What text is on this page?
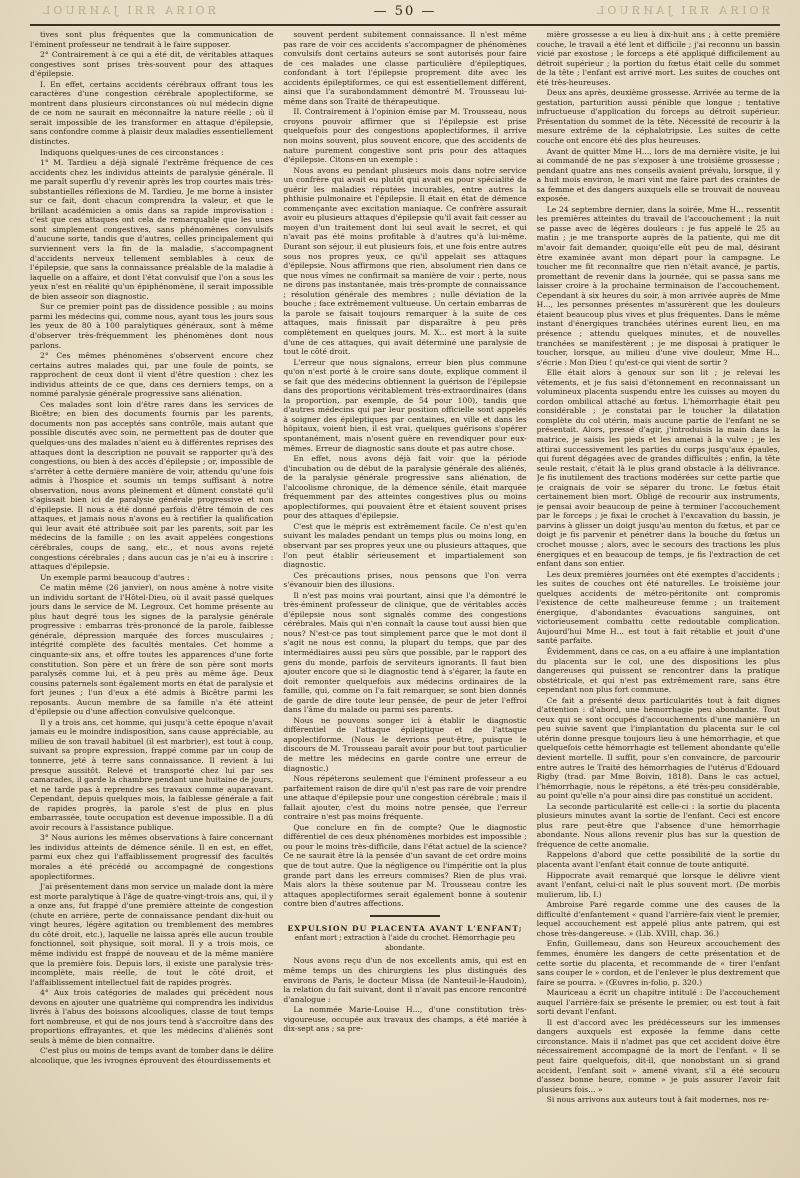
ЯОІЯА ЯЯІ ЈАИЯUOL	ЯОІЯА ЯЯІ ЈАИЯUOL
— 50 —

tives sont plus fréquentes que la communication de l'éminent professeur ne tendrait à le faire supposer.

2° Contrairement à ce qui a été dit, de véritables attaques congestives sont prises très-souvent pour des attaques d'épilepsie.

I. En effet, certains accidents cérébraux offrant tous les caractères d'une congestion cérébrale apoplectiforme, se montrent dans plusieurs circonstances où nul médecin digne de ce nom ne saurait en méconnaître la nature réelle ; où il serait impossible de les transformer en attaque d'épilepsie, sans confondre comme à plaisir deux maladies essentiellement distinctes.

Indiquons quelques-unes de ces circonstances :

1° M. Tardieu a déjà signalé l'extrême fréquence de ces accidents chez les individus atteints de paralysie générale. Il me paraît superflu d'y revenir après les trop courtes mais très-substantielles réflexions de M. Tardieu. Je me borne à insister sur ce fait, dont chacun comprendra la valeur, et que le brillant académicien a omis dans sa rapide improvisation : c'est que ces attaques ont cela de remarquable que les unes sont simplement congestives, sans phénomènes convulsifs d'aucune sorte, tandis que d'autres, celles principalement qui surviennent vers la fin de la maladie, s'accompagnent d'accidents nerveux tellement semblables à ceux de l'épilepsie, que sans la connaissance préalable de la maladie à laquelle on a affaire, et dont l'état convulsif que l'on a sous les yeux n'est en réalité qu'un épiphénomène, il serait impossible de bien asseoir son diagnostic.

Sur ce premier point pas de dissidence possible ; au moins parmi les médecins qui, comme nous, ayant tous les jours sous les yeux de 80 à 100 paralytiques généraux, sont à même d'observer très-fréquemment les phénomènes dont nous parlons.

2° Ces mêmes phénomènes s'observent encore chez certains autres malades qui, par une foule de points, se rapprochent de ceux dont il vient d'être question : chez les individus atteints de ce que, dans ces derniers temps, on a nommé paralysie générale progressive sans aliénation.

Ces malades sont loin d'être rares dans les services de Bicêtre; en bien des documents fournis par les parents, documents non pas acceptés sans contrôle, mais autant que possible discutés avec soin, ne permettent pas de douter que quelques-uns des malades n'aient eu à différentes reprises des attaques dont la description ne pouvait se rapporter qu'à des congestions, ou bien à des accès d'épilepsie ; or, impossible de s'arrêter à cette dernière manière de voir, attendu qu'une fois admis à l'hospice et soumis un temps suffisant à notre observation, nous avons pleinement et dûment constaté qu'il s'agissait bien ici de paralysie générale progressive et non d'épilepsie. Il nous a été donné parfois d'être témoin de ces attaques, et jamais nous n'avons eu à rectifier la qualification qui leur avait été attribuée soit par les parents, soit par les médecins de la famille ; on les avait appelées congestions cérébrales, coups de sang, etc., et nous avons rejeté congestions cérébrales ; dans aucun cas je n'ai eu à inscrire : attaques d'épilepsie.

Un exemple parmi beaucoup d'autres :

Ce matin même (26 janvier), on nous amène à notre visite un individu sortant de l'Hôtel-Dieu, où il avait passé quelques jours dans le service de M. Legroux. Cet homme présente au plus haut degré tous les signes de la paralysie générale progressive : embarras très-prononcé de la parole, faiblesse générale, dépression marquée des forces musculaires ; intégrité complète des facultés mentales. Cet homme a cinquante-six ans, et offre toutes les apparences d'une forte constitution. Son père et un frère de son père sont morts paralysés comme lui, et à peu près au même âge. Deux cousins paternels sont également morts en état de paralysie et fort jeunes ; l'un d'eux a été admis à Bicêtre parmi les reposants. Aucun membre de sa famille n'a été atteint d'épilepsie ou d'une affection convulsive quelconque.

Il y a trois ans, cet homme, qui jusqu'à cette époque n'avait jamais eu le moindre indisposition, sans cause appréciable, au milieu de son travail habituel (il est marbrier), est tout à coup, suivant sa propre expression, frappé comme par un coup de tonnerre, jeté à terre sans connaissance. Il revient à lui presque aussitôt. Relevé et transporté chez lui par ses camarades, il garde la chambre pendant une huitaine de jours, et ne tarde pas à reprendre ses travaux comme auparavant. Cependant, depuis quelques mois, la faiblesse générale a fait de rapides progrès, la parole s'est de plus en plus embarrassée, toute occupation est devenue impossible. Il a dû avoir recours à l'assistance publique.

3° Nous aurions les mêmes observations à faire concernant les individus atteints de démence sénile. Il en est, en effet, parmi eux chez qui l'affaiblissement progressif des facultés morales a été précédé ou accompagné de congestions apoplectiformes.

J'ai présentement dans mon service un malade dont la mère est morte paralytique à l'âge de quatre-vingt-trois ans, qui, il y a onze ans, fut frappé d'une première atteinte de congestion (chute en arrière, perte de connaissance pendant dix-huit ou vingt heures, légère agitation ou tremblement des membres du côté droit, etc.), laquelle ne laissa après elle aucun trouble fonctionnel, soit physique, soit moral. Il y a trois mois, ce même individu est frappé de nouveau et de la même manière que la première fois. Depuis lors, il existe une paralysie très-incomplète, mais réelle, de tout le côté droit, et l'affaiblissement intellectuel fait de rapides progrès.

4° Aux trois catégories de malades qui précèdent nous devons en ajouter une quatrième qui comprendra les individus livrés à l'abus des boissons alcooliques, classe de tout temps fort nombreuse, et qui de nos jours tend à s'accroître dans des proportions effrayantes, et que les médecins d'aliénés sont seuls à même de bien connaître.

C'est plus ou moins de temps avant de tomber dans le délire alcoolique, que les ivrognes éprouvent des étourdissements et

souvent perdent subitement connaissance. Il n'est même pas rare de voir ces accidents s'accompagner de phénomènes convulsifs dont certains auteurs se sont autorisés pour faire de ces malades une classe particulière d'épileptiques, confondant à tort l'épilepsie proprement dite avec les accidents épileptiformes, ce qui est essentiellement différent, ainsi que l'a surabondamment démontré M. Trousseau lui-même dans son Traité de thérapeutique.

II. Contrairement à l'opinion émise par M. Trousseau, nous croyons pouvoir affirmer que si l'épilepsie est prise quelquefois pour des congestions apoplectiformes, il arrive non moins souvent, plus souvent encore, que des accidents de nature purement congestive sont pris pour des attaques d'épilepsie. Citons-en un exemple :

Nous avons eu pendant plusieurs mois dans notre service un confrère qui avait eu plutôt qui avait eu pour spécialité de guérir les maladies réputées incurables, entre autres la phthisie pulmonaire et l'épilepsie. Il était en état de démence commençante avec excitation maniaque. Ce confrère assurait avoir eu plusieurs attaques d'épilepsie qu'il avait fait cesser au moyen d'un traitement dont lui seul avait le secret, et qui n'avait pas été moins profitable à d'autres qu'à lui-même. Durant son séjour, il eut plusieurs fois, et une fois entre autres sous nos propres yeux, ce qu'il appelait ses attaques d'épilepsie. Nous affirmons que rien, absolument rien dans ce que nous vîmes ne confirmait sa manière de voir : perte, nous ne dirons pas instantanée, mais très-prompte de connaissance ; résolution générale des membres ; nulle déviation de la bouche ; face extrêmement vultueuse. Un certain embarras de la parole se faisait toujours remarquer à la suite de ces attaques, mais finissait par disparaître à peu près complètement en quelques jours. M. X... est mort à la suite d'une de ces attaques, qui avait déterminé une paralysie de tout le côté droit.

L'erreur que nous signalons, erreur bien plus commune qu'on n'est porté à le croire sans doute, explique comment il se fait que des médecins obtiennent la guérison de l'épilepsie dans des proportions véritablement très-extraordinaires (dans la proportion, par exemple, de 54 pour 100), tandis que d'autres médecins qui par leur position officielle sont appelés à soigner des épileptiques par centaines, en ville et dans les hôpitaux, voient bien, il est vrai, quelques guérisons s'opérer spontanément, mais n'osent guère en revendiquer pour eux-mêmes. Erreur de diagnostic sans doute et pas autre chose.

En effet, nous avons déjà fait voir que la période d'incubation ou de début de la paralysie générale des aliénés, de la paralysie générale progressive sans aliénation, de l'alcoolisme chronique, de la démence sénile, était marquée fréquemment par des atteintes congestives plus ou moins apoplectiformes, qui pouvaient être et étaient souvent prises pour des attaques d'épilepsie.

C'est que le mépris est extrêmement facile. Ce n'est qu'en suivant les malades pendant un temps plus ou moins long, en observant par ses propres yeux une ou plusieurs attaques, que l'on peut établir sérieusement et impartialement son diagnostic.

Ces précautions prises, nous pensons que l'on verra s'évanouir bien des illusions.

Il n'est pas moins vrai pourtant, ainsi que l'a démontré le très-éminent professeur de clinique, que de véritables accès d'épilepsie nous sont signalés comme des congestions cérébrales. Mais qui n'en connaît la cause tout aussi bien que nous? N'est-ce pas tout simplement parce que le mot dont il s'agit ne nous est connu, la plupart du temps, que par des intermédiaires aussi peu sûrs que possible, par le rapport des gens du monde, parfois de serviteurs ignorants. Il faut bien ajouter encore que si le diagnostic tend à s'égarer, la faute en doit remonter quelquefois aux médecins ordinaires de la famille, qui, comme on l'a fait remarquer, se sont bien donnés de garde de dire toute leur pensée, de peur de jeter l'effroi dans l'âme du malade ou parmi ses parents.

Nous ne pouvons songer ici à établir le diagnostic différentiel de l'attaque épileptique et de l'attaque apoplectiforme. (Nous le devrions peut-être, puisque le discours de M. Trousseau paraît avoir pour but tout particulier de mettre les médecins en garde contre une erreur de diagnostic.)

Nous répéterons seulement que l'éminent professeur a eu parfaitement raison de dire qu'il n'est pas rare de voir prendre une attaque d'épilepsie pour une congestion cérébrale ; mais il fallait ajouter, c'est du moins notre pensée, que l'erreur contraire n'est pas moins fréquente.

Que conclure en fin de compte? Que le diagnostic différentiel de ces deux phénomènes morbides est impossible ; ou pour le moins très-difficile, dans l'état actuel de la science? Ce ne saurait être là la pensée d'un savant de cet ordre moins que de tout autre. Que la négligence ou l'impéritie ont la plus grande part dans les erreurs commises? Rien de plus vrai. Mais alors la thèse soutenue par M. Trousseau contre les attaques apoplectiformes serait également bonne à soutenir contre bien d'autres affections.

EXPULSION DU PLACENTA AVANT L'ENFANT;

enfant mort ; extraction à l'aide du crochet. Hémorrhagie peu abondante.

Nous avons reçu d'un de nos excellents amis, qui est en même temps un des chirurgiens les plus distingués des environs de Paris, le docteur Missa (de Nanteuil-le-Haudoin), la relation du fait suivant, dont il n'avait pas encore rencontré d'analogue :

La nommée Marie-Louise H..., d'une constitution très-vigoureuse, occupée aux travaux des champs, a été mariée à dix-sept ans ; sa pre-

mière grossesse a eu lieu à dix-huit ans ; à cette première couche, le travail a été lent et difficile ; j'ai reconnu un bassin vicié par exostose ; le forceps a été appliqué difficilement au détroit supérieur ; la portion du fœtus était celle du sommet de la tête ; l'enfant est arrivé mort. Les suites de couches ont été très-heureuses.

Deux ans après, deuxième grossesse. Arrivée au terme de la gestation, parturition aussi pénible que longue ; tentative infructueuse d'application du forceps au détroit supérieur. Présentation du sommet de la tête. Nécessité de recourir à la mesure extrême de la céphalotripsie. Les suites de cette couche ont encore été des plus heureuses.

Avant de quitter Mme H..., lors de ma dernière visite, je lui ai commandé de ne pas s'exposer à une troisième grossesse ; pendant quatre ans mes conseils avaient prévalu, lorsque, il y a huit mois environ, le mari vint me faire part des craintes de sa femme et des dangers auxquels elle se trouvait de nouveau exposée.

Le 24 septembre dernier, dans la soirée, Mme H... ressentit les premières atteintes du travail de l'accouchement ; la nuit se passe avec de légères douleurs : je fus appelé le 25 au matin ; je me transporte auprès de la patiente, qui me dit m'avoir fait demander, quoiqu'elle eût peu de mal, désirant être examinée avant mon départ pour la campagne. Le toucher me fit reconnaître que rien n'était avancé, je partis, promettant de revenir dans la journée, qui se passa sans me laisser croire à la prochaine terminaison de l'accouchement. Cependant à six heures du soir, à mon arrivée auprès de Mme H..., les personnes présentes m'assurèrent que les douleurs étaient beaucoup plus vives et plus fréquentes. Dans le même instant d'énergiques tranchées utérines eurent lieu, en ma présence ; attendu quelques minutes, et de nouvelles tranchées se manifestèrent ; je me disposai à pratiquer le toucher, lorsque, au milieu d'une vive douleur, Mme H... s'écrie : Mon Dieu ! qu'est-ce qui vient de sortir ?

Elle était alors à genoux sur son lit ; je relevai les vêtements, et je fus saisi d'étonnement en reconnaissant un volumineux placenta suspendu entre les cuisses au moyen du cordon ombilical attaché au fœtus. L'hémorrhagie était peu considérable ; je constatai par le toucher la dilatation complète du col utérin, mais aucune partie de l'enfant ne se présentait. Alors, pressé d'agir, j'introduisis la main dans la matrice, je saisis les pieds et les amenai à la vulve ; je les attirai successivement les parties du corps jusqu'aux épaules, qui furent dégagées avec de grandes difficultés ; enfin, la tête seule restait, c'était là le plus grand obstacle à la délivrance. Je fis inutilement des tractions modérées sur cette partie que je craignais de voir se séparer du tronc. Le fœtus était certainement bien mort. Obligé de recourir aux instruments, je pensai avoir beaucoup de peine à terminer l'accouchement par le forceps ; je fixai le crochet à l'excavation du bassin, je parvins à glisser un doigt jusqu'au menton du fœtus, et par ce doigt je fis parvenir et pénétrer dans la bouche du fœtus un crochet mousse ; alors, avec le secours des tractions les plus énergiques et en beaucoup de temps, je fis l'extraction de cet enfant dans son entier.

Les deux premières journées ont été exemptes d'accidents ; les suites de couches ont été naturelles. Le troisième jour quelques accidents de métro-péritonite ont compromis l'existence de cette malheureuse femme ; un traitement énergique, d'abondantes évacuations sanguines, ont victorieusement combattu cette redoutable complication. Aujourd'hui Mme H... est tout à fait rétablie et jouit d'une santé parfaite.

Évidemment, dans ce cas, on a eu affaire à une implantation du placenta sur le col, une des dispositions les plus dangereuses qui puissent se rencontrer dans la pratique obstétricale, et qui n'est pas extrêmement rare, sans être cependant non plus fort commune.

Ce fait a présenté deux particularités tout à fait dignes d'attention : d'abord, une hémorrhagie peu abondante. Tout ceux qui se sont occupés d'accouchements d'une manière un peu suivie savent que l'implantation du placenta sur le col utérin donne presque toujours lieu à une hémorrhagie, et que quelquefois cette hémorrhagie est tellement abondante qu'elle devient mortelle. Il suffit, pour s'en convaincre, de parcourir entre autres le Traité des hémorrhagies de l'utérus d'Edouard Rigby (trad. par Mme Boivin, 1818). Dans le cas actuel, l'hémorrhagie, nous le répétons, a été très-peu considérable, au point qu'elle n'a pour ainsi dire pas constitué un accident.

La seconde particularité est celle-ci : la sortie du placenta plusieurs minutes avant la sortie de l'enfant. Ceci est encore plus rare peut-être que l'absence d'une hémorrhagie abondante. Nous allons revenir plus bas sur la question de fréquence de cette anomalie.

Rappelons d'abord que cette possibilité de la sortie du placenta avant l'enfant était connue de toute antiquité.

Hippocrate avait remarqué que lorsque le délivre vient avant l'enfant, celui-ci naît le plus souvent mort. (De morbis mulierum, lib. I.)

Ambroise Paré regarde comme une des causes de la difficulté d'enfantement « quand l'arrière-faix vient le premier, lequel accouchement est appelé plius ante patrem, qui est chose très-dangereuse. » (Lib. XVIII, chap. 36.)

Enfin, Guillemeau, dans son Heureux accouchement des femmes, énumère les dangers de cette présentation et de cette sortie du placenta, et recommande de « tirer l'enfant sans couper le » cordon, et de l'enlever le plus dextrement que faire se pourra. » (Œuvres in-folio, p. 320.)

Mauriceau a écrit un chapitre intitulé : De l'accouchement auquel l'arrière-faix se présente le premier, ou est tout à fait sorti devant l'enfant.

Il est d'accord avec les prédécesseurs sur les immenses dangers auxquels est exposée la femme dans cette circonstance. Mais il n'admet pas que cet accident doive être nécessairement accompagné de la mort de l'enfant. « Il se peut faire quelquefois, dit-il, que nonobstant un si grand accident, l'enfant soit » amené vivant, s'il a été secouru d'assez bonne heure, comme » je puis assurer l'avoir fait plusieurs fois... »

Si nous arrivons aux auteurs tout à fait modernes, nos re-
